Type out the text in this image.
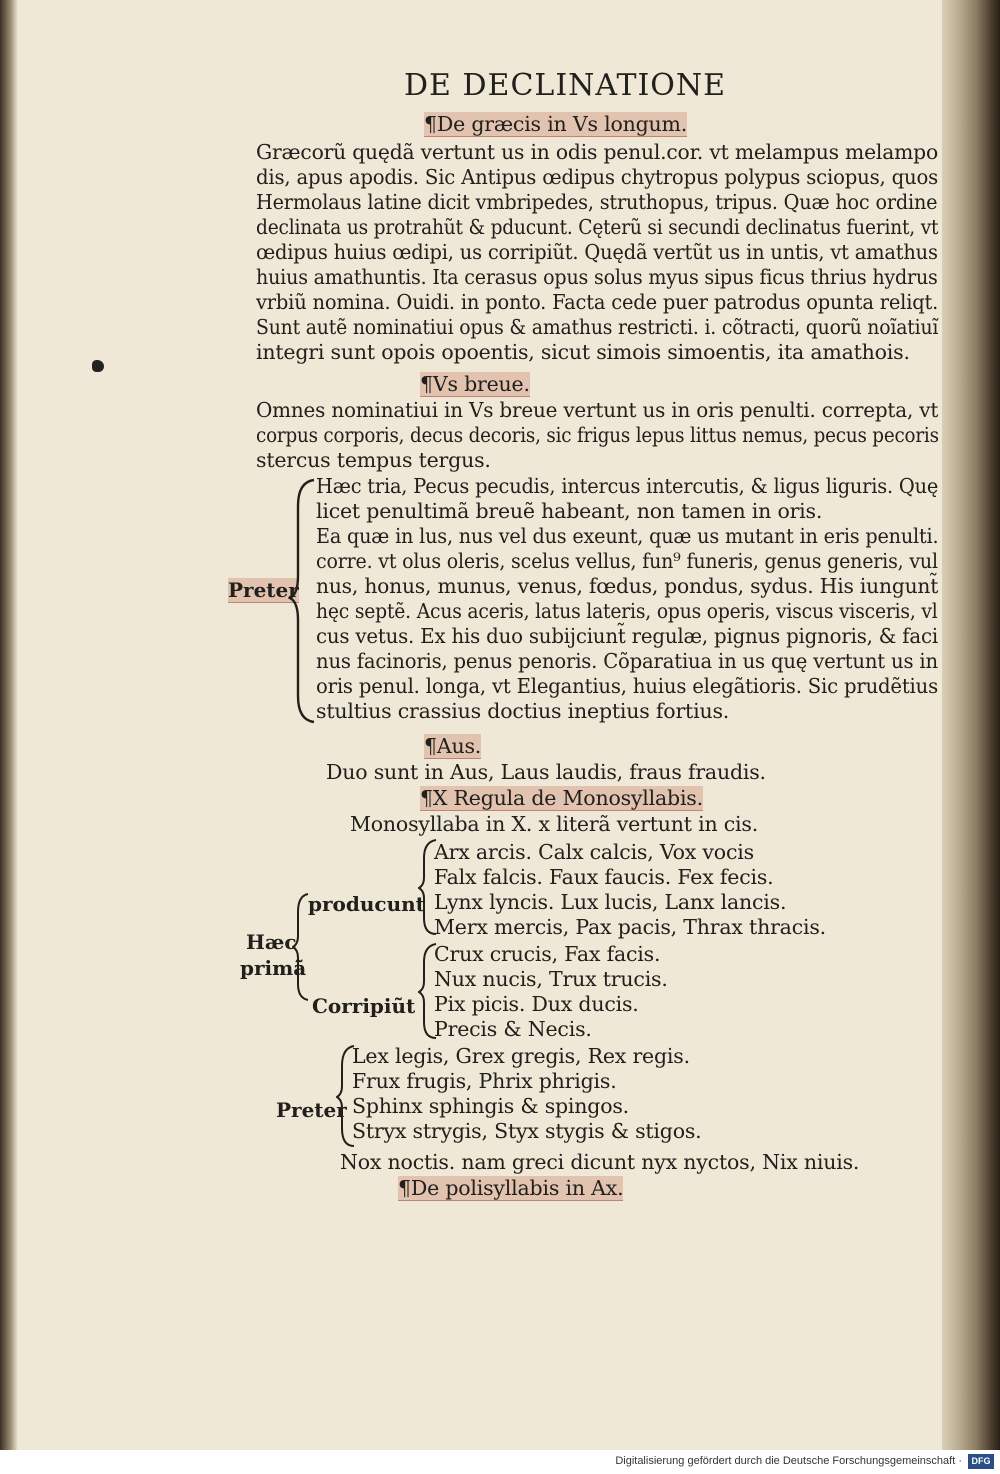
DE DECLINATIONE
¶De græcis in Vs longum.
Græcorũ quędã vertunt us in odis penul.cor. vt melampus melampo
dis, apus apodis. Sic Antipus œdipus chytropus polypus sciopus, quos
Hermolaus latine dicit vmbripedes, struthopus, tripus. Quæ hoc ordine
declinata us protrahũt & pducunt. Cęterũ si secundi declinatus fuerint, vt
œdipus huius œdipi, us corripiũt. Quędã vertũt us in untis, vt amathus
huius amathuntis. Ita cerasus opus solus myus sipus ficus thrius hydrus
vrbiũ nomina. Ouidi. in ponto. Facta cede puer patrodus opunta reliqt.
Sunt autẽ nominatiui opus & amathus restricti. i. cõtracti, quorũ noĩatiuĩ
integri sunt opois opoentis, sicut simois simoentis, ita amathois.
¶Vs breue.
Omnes nominatiui in Vs breue vertunt us in oris penulti. correpta, vt
corpus corporis, decus decoris, sic frigus lepus littus nemus, pecus pecoris
stercus tempus tergus.
Preter
Hæc tria, Pecus pecudis, intercus intercutis, & ligus liguris. Quę
licet penultimã breuẽ habeant, non tamen in oris.
Ea quæ in lus, nus vel dus exeunt, quæ us mutant in eris penulti.
corre. vt olus oleris, scelus vellus, fun⁹ funeris, genus generis, vul
nus, honus, munus, venus, fœdus, pondus, sydus. His iungunt̃
hęc septẽ. Acus aceris, latus lateris, opus operis, viscus visceris, vl
cus vetus. Ex his duo subijciunt̃ regulæ, pignus pignoris, & faci
nus facinoris, penus penoris. Cõparatiua in us quę vertunt us in
oris penul. longa, vt Elegantius, huius elegãtioris. Sic prudẽtius
stultius crassius doctius ineptius fortius.
¶Aus.
Duo sunt in Aus, Laus laudis, fraus fraudis.
¶X Regula de Monosyllabis.
Monosyllaba in X. x literã vertunt in cis.
Hæc
primã
producunt
Corripiũt
Arx arcis. Calx calcis, Vox vocis
Falx falcis. Faux faucis. Fex fecis.
Lynx lyncis. Lux lucis, Lanx lancis.
Merx mercis, Pax pacis, Thrax thracis.
Crux crucis, Fax facis.
Nux nucis, Trux trucis.
Pix picis. Dux ducis.
Precis & Necis.
Preter
Lex legis, Grex gregis, Rex regis.
Frux frugis, Phrix phrigis.
Sphinx sphingis & spingos.
Stryx strygis, Styx stygis & stigos.
Nox noctis. nam greci dicunt nyx nyctos, Nix niuis.
¶De polisyllabis in Ax.
Digitalisierung gefördert durch die Deutsche Forschungsgemeinschaft ·	DFG
